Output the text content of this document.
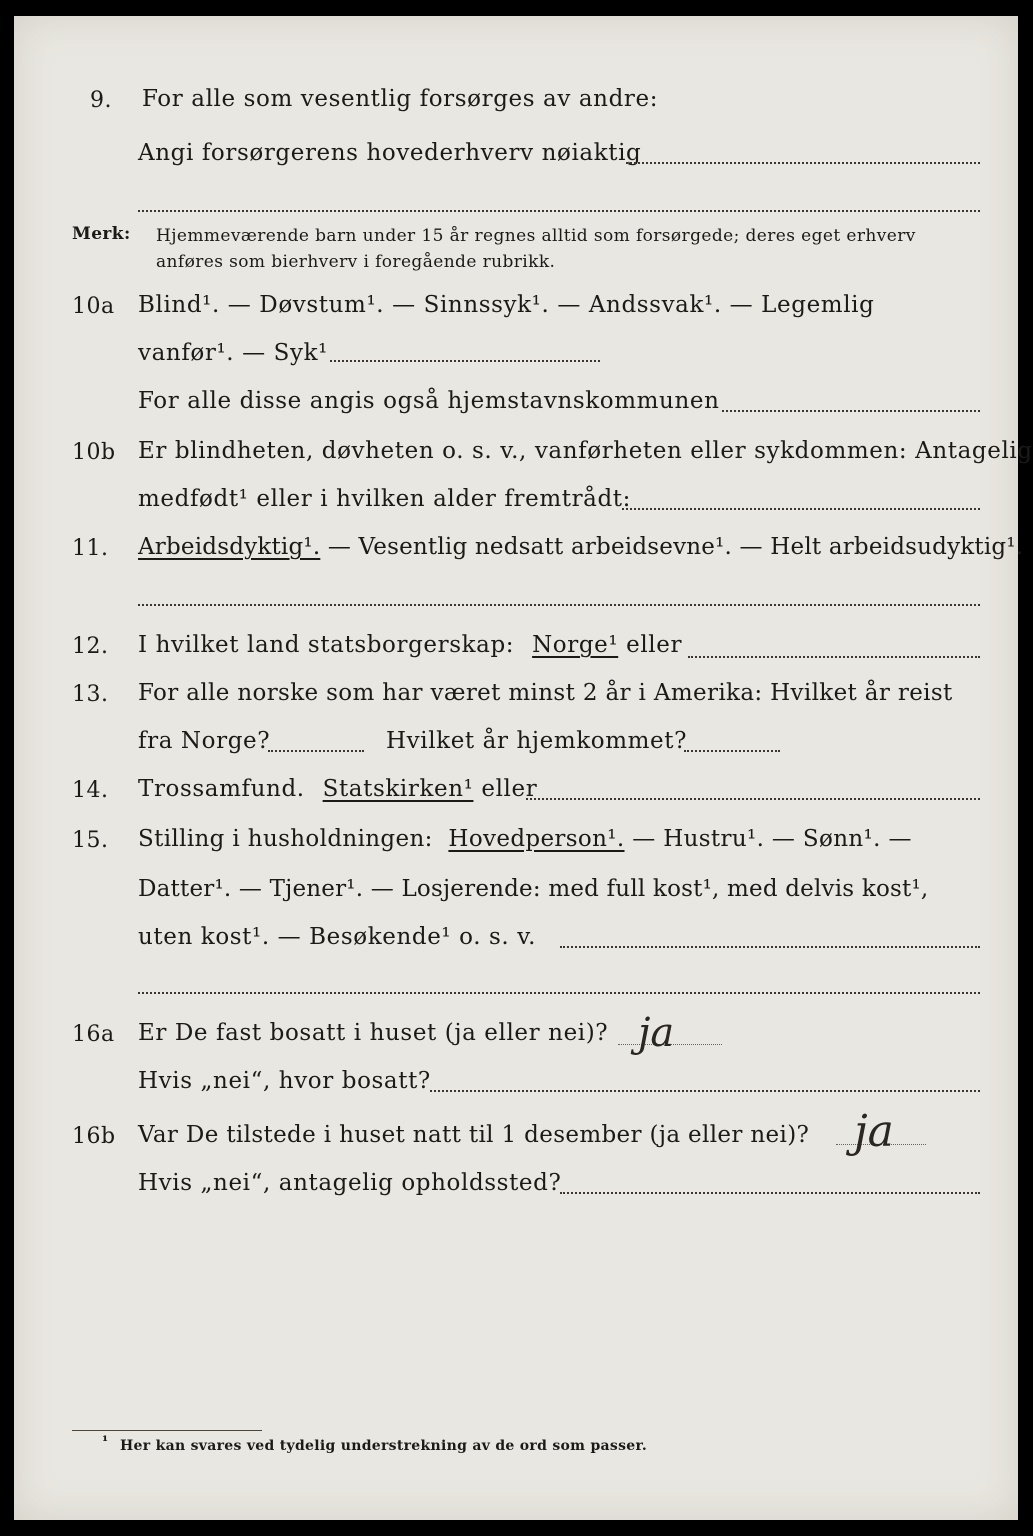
9. For alle som vesentlig forsørges av andre:
Angi forsørgerens hovederhverv nøiaktig
Merk: Hjemmeværende barn under 15 år regnes alltid som forsørgede; deres eget erhverv
anføres som bierhverv i foregående rubrikk.
10a Blind¹. — Døvstum¹. — Sinnssyk¹. — Andssvak¹. — Legemlig
vanfør¹. — Syk¹
For alle disse angis også hjemstavnskommunen
10b Er blindheten, døvheten o. s. v., vanførheten eller sykdommen: Antagelig
medfødt¹ eller i hvilken alder fremtrådt:
11. Arbeidsdyktig¹. — Vesentlig nedsatt arbeidsevne¹. — Helt arbeidsudyktig¹.
12. I hvilket land statsborgerskap: Norge¹ eller
13. For alle norske som har været minst 2 år i Amerika: Hvilket år reist
fra Norge?	Hvilket år hjemkommet?
14. Trossamfund. Statskirken¹ eller
15. Stilling i husholdningen: Hovedperson¹. — Hustru¹. — Sønn¹. —
Datter¹. — Tjener¹. — Losjerende: med full kost¹, med delvis kost¹,
uten kost¹. — Besøkende¹ o. s. v.
16a Er De fast bosatt i huset (ja eller nei)? ja
Hvis „nei“, hvor bosatt?
16b Var De tilstede i huset natt til 1 desember (ja eller nei)? ja
Hvis „nei“, antagelig opholdssted?
¹ Her kan svares ved tydelig understrekning av de ord som passer.
